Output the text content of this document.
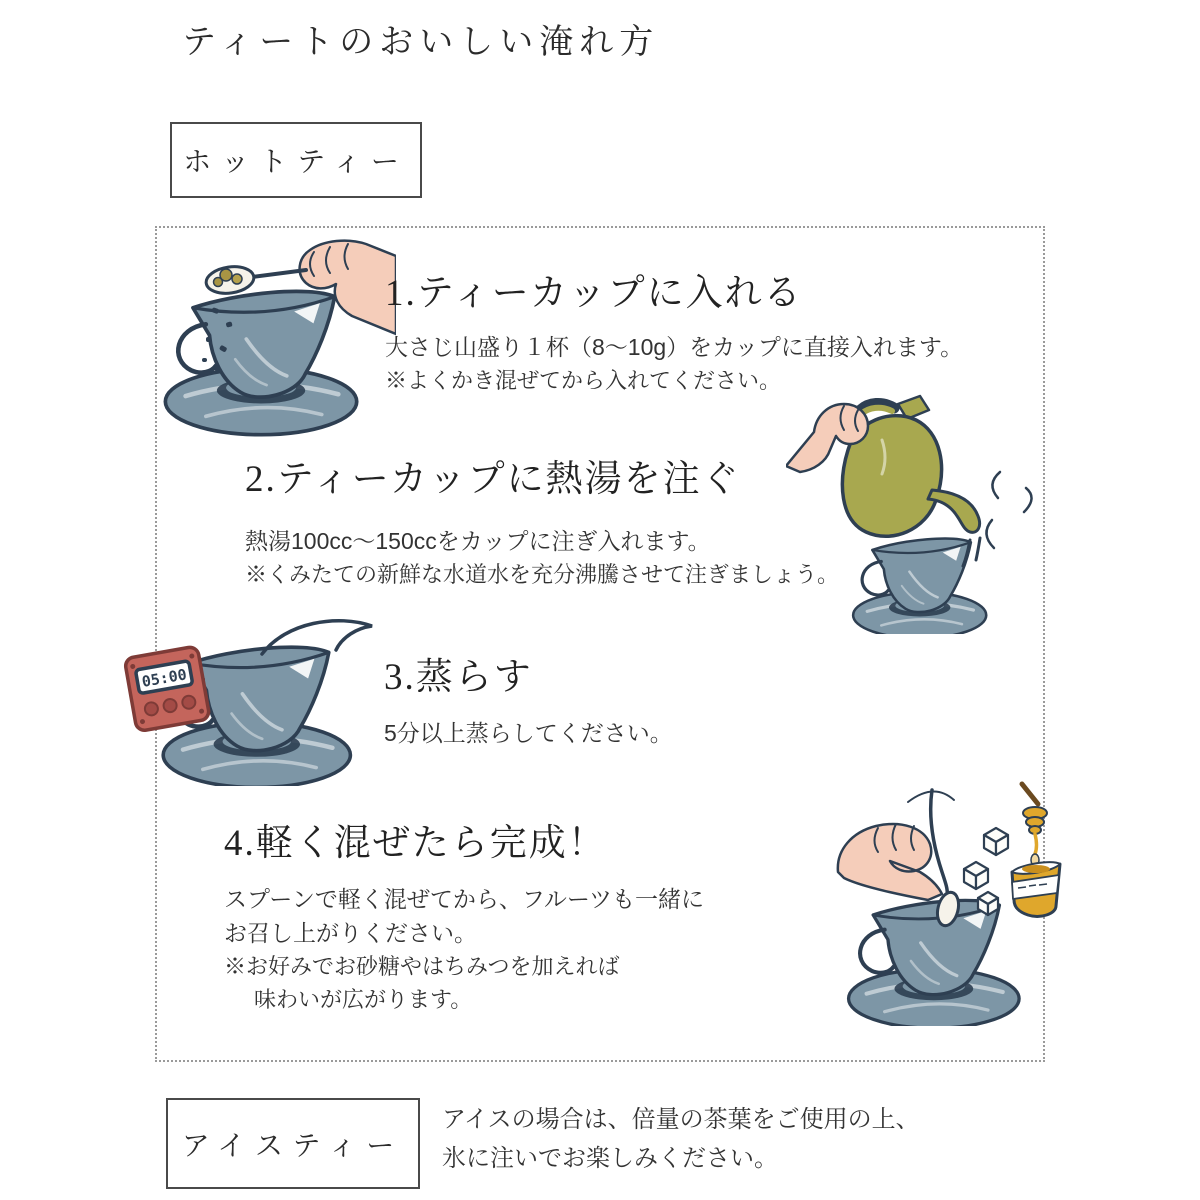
ティートのおいしい淹れ方
ホットティー
1.ティーカップに入れる
大さじ山盛り１杯（8～10g）をカップに直接入れます。
※よくかき混ぜてから入れてください。
2.ティーカップに熱湯を注ぐ
熱湯100cc～150ccをカップに注ぎ入れます。
※くみたての新鮮な水道水を充分沸騰させて注ぎましょう。
05:00	3.蒸らす
5分以上蒸らしてください。
4.軽く混ぜたら完成！
スプーンで軽く混ぜてから、フルーツも一緒に
お召し上がりください。
※お好みでお砂糖やはちみつを加えれば
味わいが広がります。
アイスティー
アイスの場合は、倍量の茶葉をご使用の上、
氷に注いでお楽しみください。
